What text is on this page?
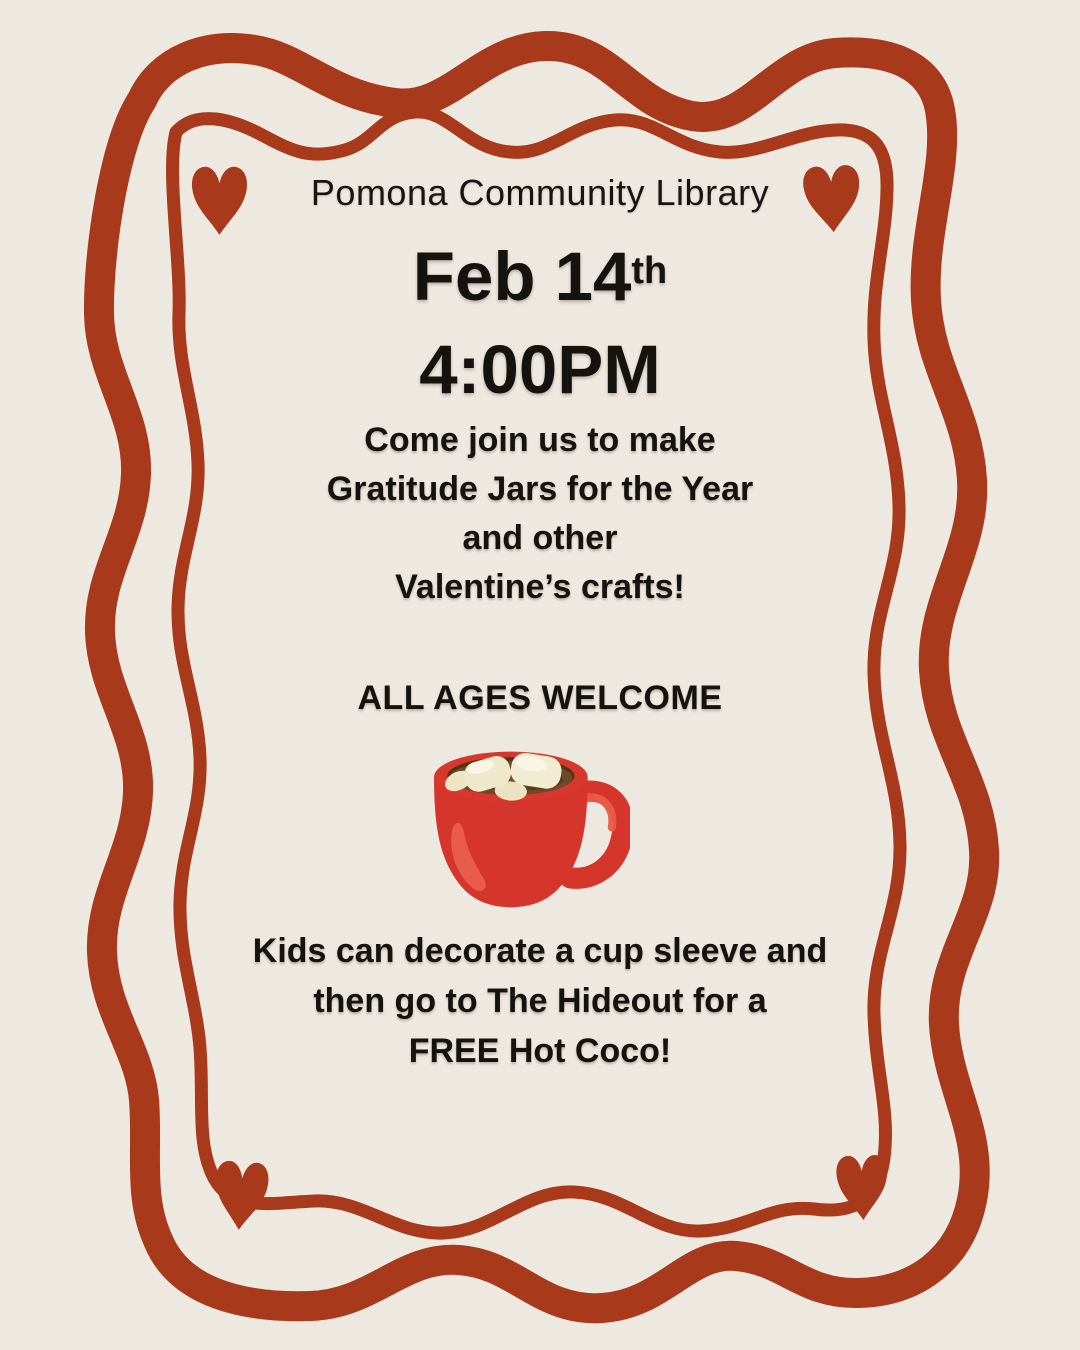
Pomona Community Library
Feb 14th
4:00PM
Come join us to make
Gratitude Jars for the Year
and other
Valentine’s crafts!
ALL AGES WELCOME
Kids can decorate a cup sleeve and
then go to The Hideout for a
FREE Hot Coco!
